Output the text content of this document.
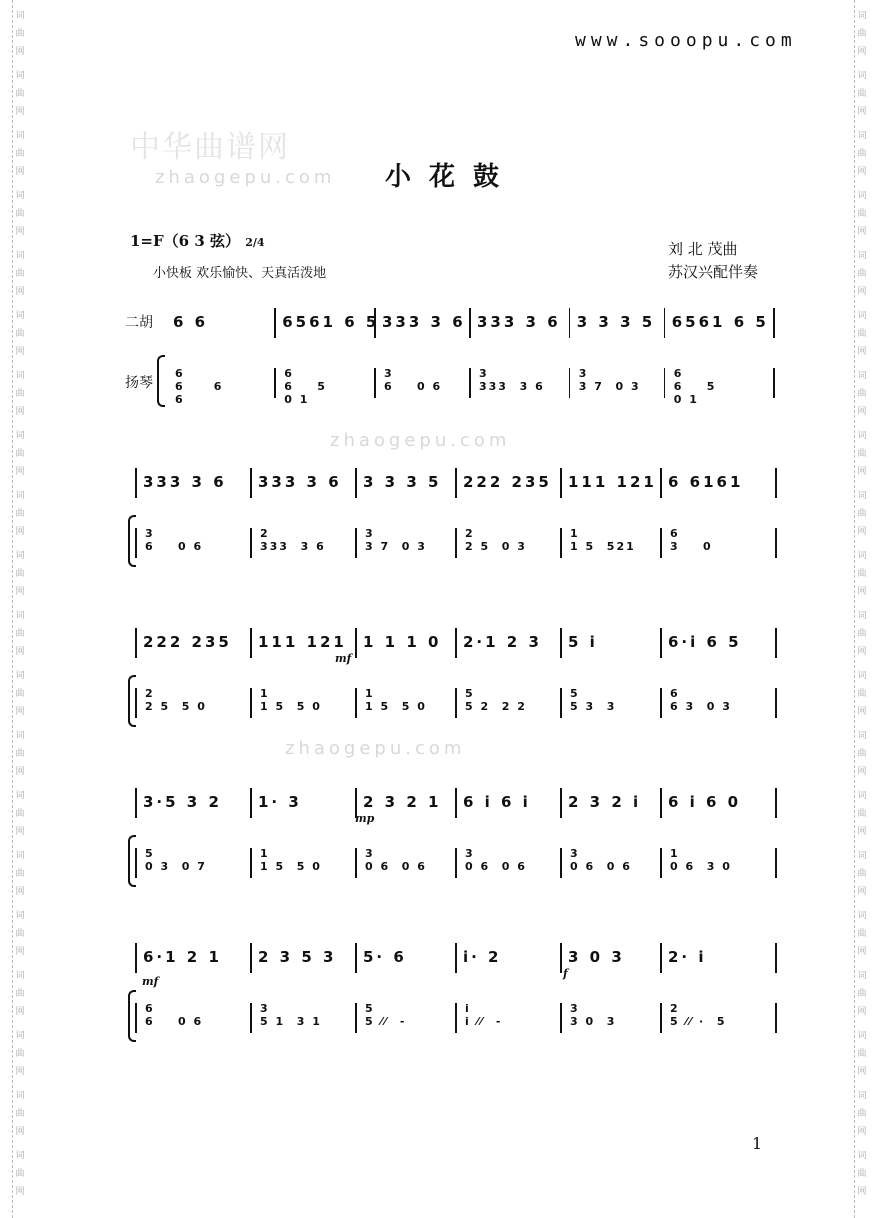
词
曲
网
词
曲
网
词
曲
网
词
曲
网
词
曲
网
词
曲
网
词
曲
网
词
曲
网
词
曲
网
词
曲
网
词
曲
网
词
曲
网
词
曲
网
词
曲
网
词
曲
网
词
曲
网
词
曲
网
词
曲
网
词
曲
网
词
曲
网
词
曲
网
词
曲
网
词
曲
网
词
曲
网
词
曲
网
词
曲
网
词
曲
网
词
曲
网
词
曲
网
词
曲
网
词
曲
网
词
曲
网
词
曲
网
词
曲
网
词
曲
网
词
曲
网
词
曲
网
词
曲
网
词
曲
网
词
曲
网
www.sooopu.com
中华曲谱网
zhaogepu.com
zhaogepu.com
zhaogepu.com
小花鼓
1=F（6 3 弦） 2/4
小快板 欢乐愉快、天真活泼地
刘 北 茂曲
苏汉兴配伴奏
二胡
扬琴
6 6	6561 6 5 333 3 6 333 3 6 3 3 3 5 6561 6 5
6
6     6
6
6
6    5
0 1
3
6    0 6
3
333  3 6
3
3 7  0 3
6
6    5
0 1
333 3 6 333 3 6 3 3 3 5 222 235 111 121 6 6161
3
6    0 6
2
333  3 6
3
3 7  0 3
2
2 5  0 3
1
1 5  521
6
3    0
222 235 111 121 1 1 1 0 2·1 2 3 5 i	6·i 6 5
2
2 5  5 0
1
1 5  5 0
1
1 5  5 0
5
5 2  2 2
5
5 3  3
6
6 3  0 3
3·5 3 2 1· 3	2 3 2 1 6 i 6 i 2 3 2 i 6 i 6 0
5
0 3  0 7
1
1 5  5 0
3
0 6  0 6
3
0 6  0 6
3
0 6  0 6
1
0 6  3 0
6·1 2 1 2 3 5 3 5· 6	i· 2	3 0 3	2· i
6
6    0 6
3
5 1  3 1
5
5 ⁄⁄  -
i
i ⁄⁄  -
3
3 0  3
2
5 ⁄⁄ ·  5
mf
mp
mf
f
1
